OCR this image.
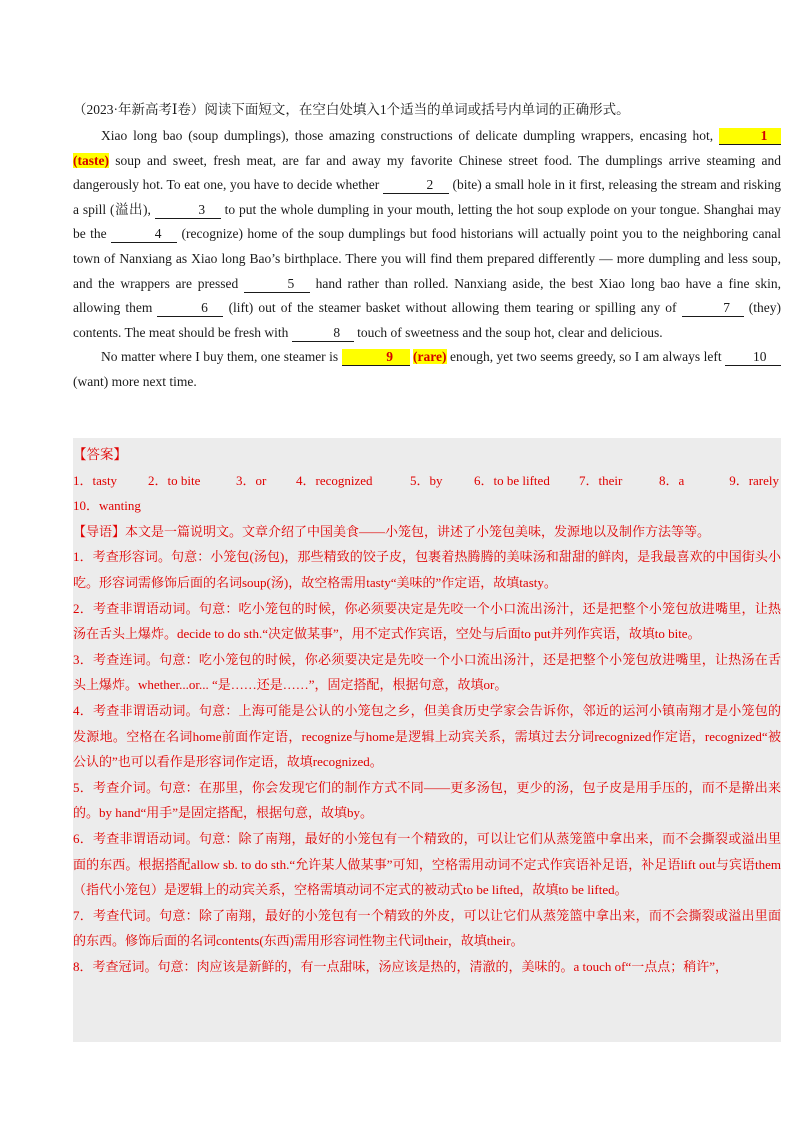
（2023·年新高考Ⅰ卷）阅读下面短文，在空白处填入1个适当的单词或括号内单词的正确形式。

Xiao long bao (soup dumplings), those amazing constructions of delicate dumpling wrappers, encasing hot,	1 (taste) soup and sweet, fresh meat, are far and away my favorite Chinese street food. The dumplings arrive steaming and dangerously hot. To eat one, you have to decide whether	2 (bite) a small hole in it first, releasing the stream and risking a spill (溢出),	3 to put the whole dumpling in your mouth, letting the hot soup explode on your tongue. Shanghai may be the	4 (recognize) home of the soup dumplings but food historians will actually point you to the neighboring canal town of Nanxiang as Xiao long Bao’s birthplace. There you will find them prepared differently — more dumpling and less soup, and the wrappers are pressed	5 hand rather than rolled. Nanxiang aside, the best Xiao long bao have a fine skin, allowing them	6 (lift) out of the steamer basket without allowing them tearing or spilling any of	7 (they) contents. The meat should be fresh with	8 touch of sweetness and the soup hot, clear and delicious.

No matter where I buy them, one steamer is	9 (rare) enough, yet two seems greedy, so I am always left 10 (want) more next time.

【答案】

1．tasty	2．to bite	3．or	4．recognized	5．by	6．to be lifted	7．their	8．a	9．rarely

10．wanting

【导语】本文是一篇说明文。文章介绍了中国美食——小笼包，讲述了小笼包美味，发源地以及制作方法等等。

1．考查形容词。句意：小笼包(汤包)，那些精致的饺子皮，包裹着热腾腾的美味汤和甜甜的鲜肉，是我最喜欢的中国街头小吃。形容词需修饰后面的名词soup(汤)，故空格需用tasty“美味的”作定语，故填tasty。

2．考查非谓语动词。句意：吃小笼包的时候，你必须要决定是先咬一个小口流出汤汁，还是把整个小笼包放进嘴里，让热汤在舌头上爆炸。decide to do sth.“决定做某事”，用不定式作宾语，空处与后面to put并列作宾语，故填to bite。

3．考查连词。句意：吃小笼包的时候，你必须要决定是先咬一个小口流出汤汁，还是把整个小笼包放进嘴里，让热汤在舌头上爆炸。whether...or... “是……还是……”，固定搭配，根据句意，故填or。

4．考查非谓语动词。句意：上海可能是公认的小笼包之乡，但美食历史学家会告诉你，邻近的运河小镇南翔才是小笼包的发源地。空格在名词home前面作定语，recognize与home是逻辑上动宾关系，需填过去分词recognized作定语，recognized“被公认的”也可以看作是形容词作定语，故填recognized。

5．考查介词。句意：在那里，你会发现它们的制作方式不同——更多汤包，更少的汤，包子皮是用手压的，而不是擀出来的。by hand“用手”是固定搭配，根据句意，故填by。

6．考查非谓语动词。句意：除了南翔，最好的小笼包有一个精致的，可以让它们从蒸笼篮中拿出来，而不会撕裂或溢出里面的东西。根据搭配allow sb. to do sth.“允许某人做某事”可知，空格需用动词不定式作宾语补足语，补足语lift out与宾语them（指代小笼包）是逻辑上的动宾关系，空格需填动词不定式的被动式to be lifted，故填to be lifted。

7．考查代词。句意：除了南翔，最好的小笼包有一个精致的外皮，可以让它们从蒸笼篮中拿出来，而不会撕裂或溢出里面的东西。修饰后面的名词contents(东西)需用形容词性物主代词their，故填their。

8．考查冠词。句意：肉应该是新鲜的，有一点甜味，汤应该是热的，清澈的，美味的。a touch of“一点点；稍许”，
